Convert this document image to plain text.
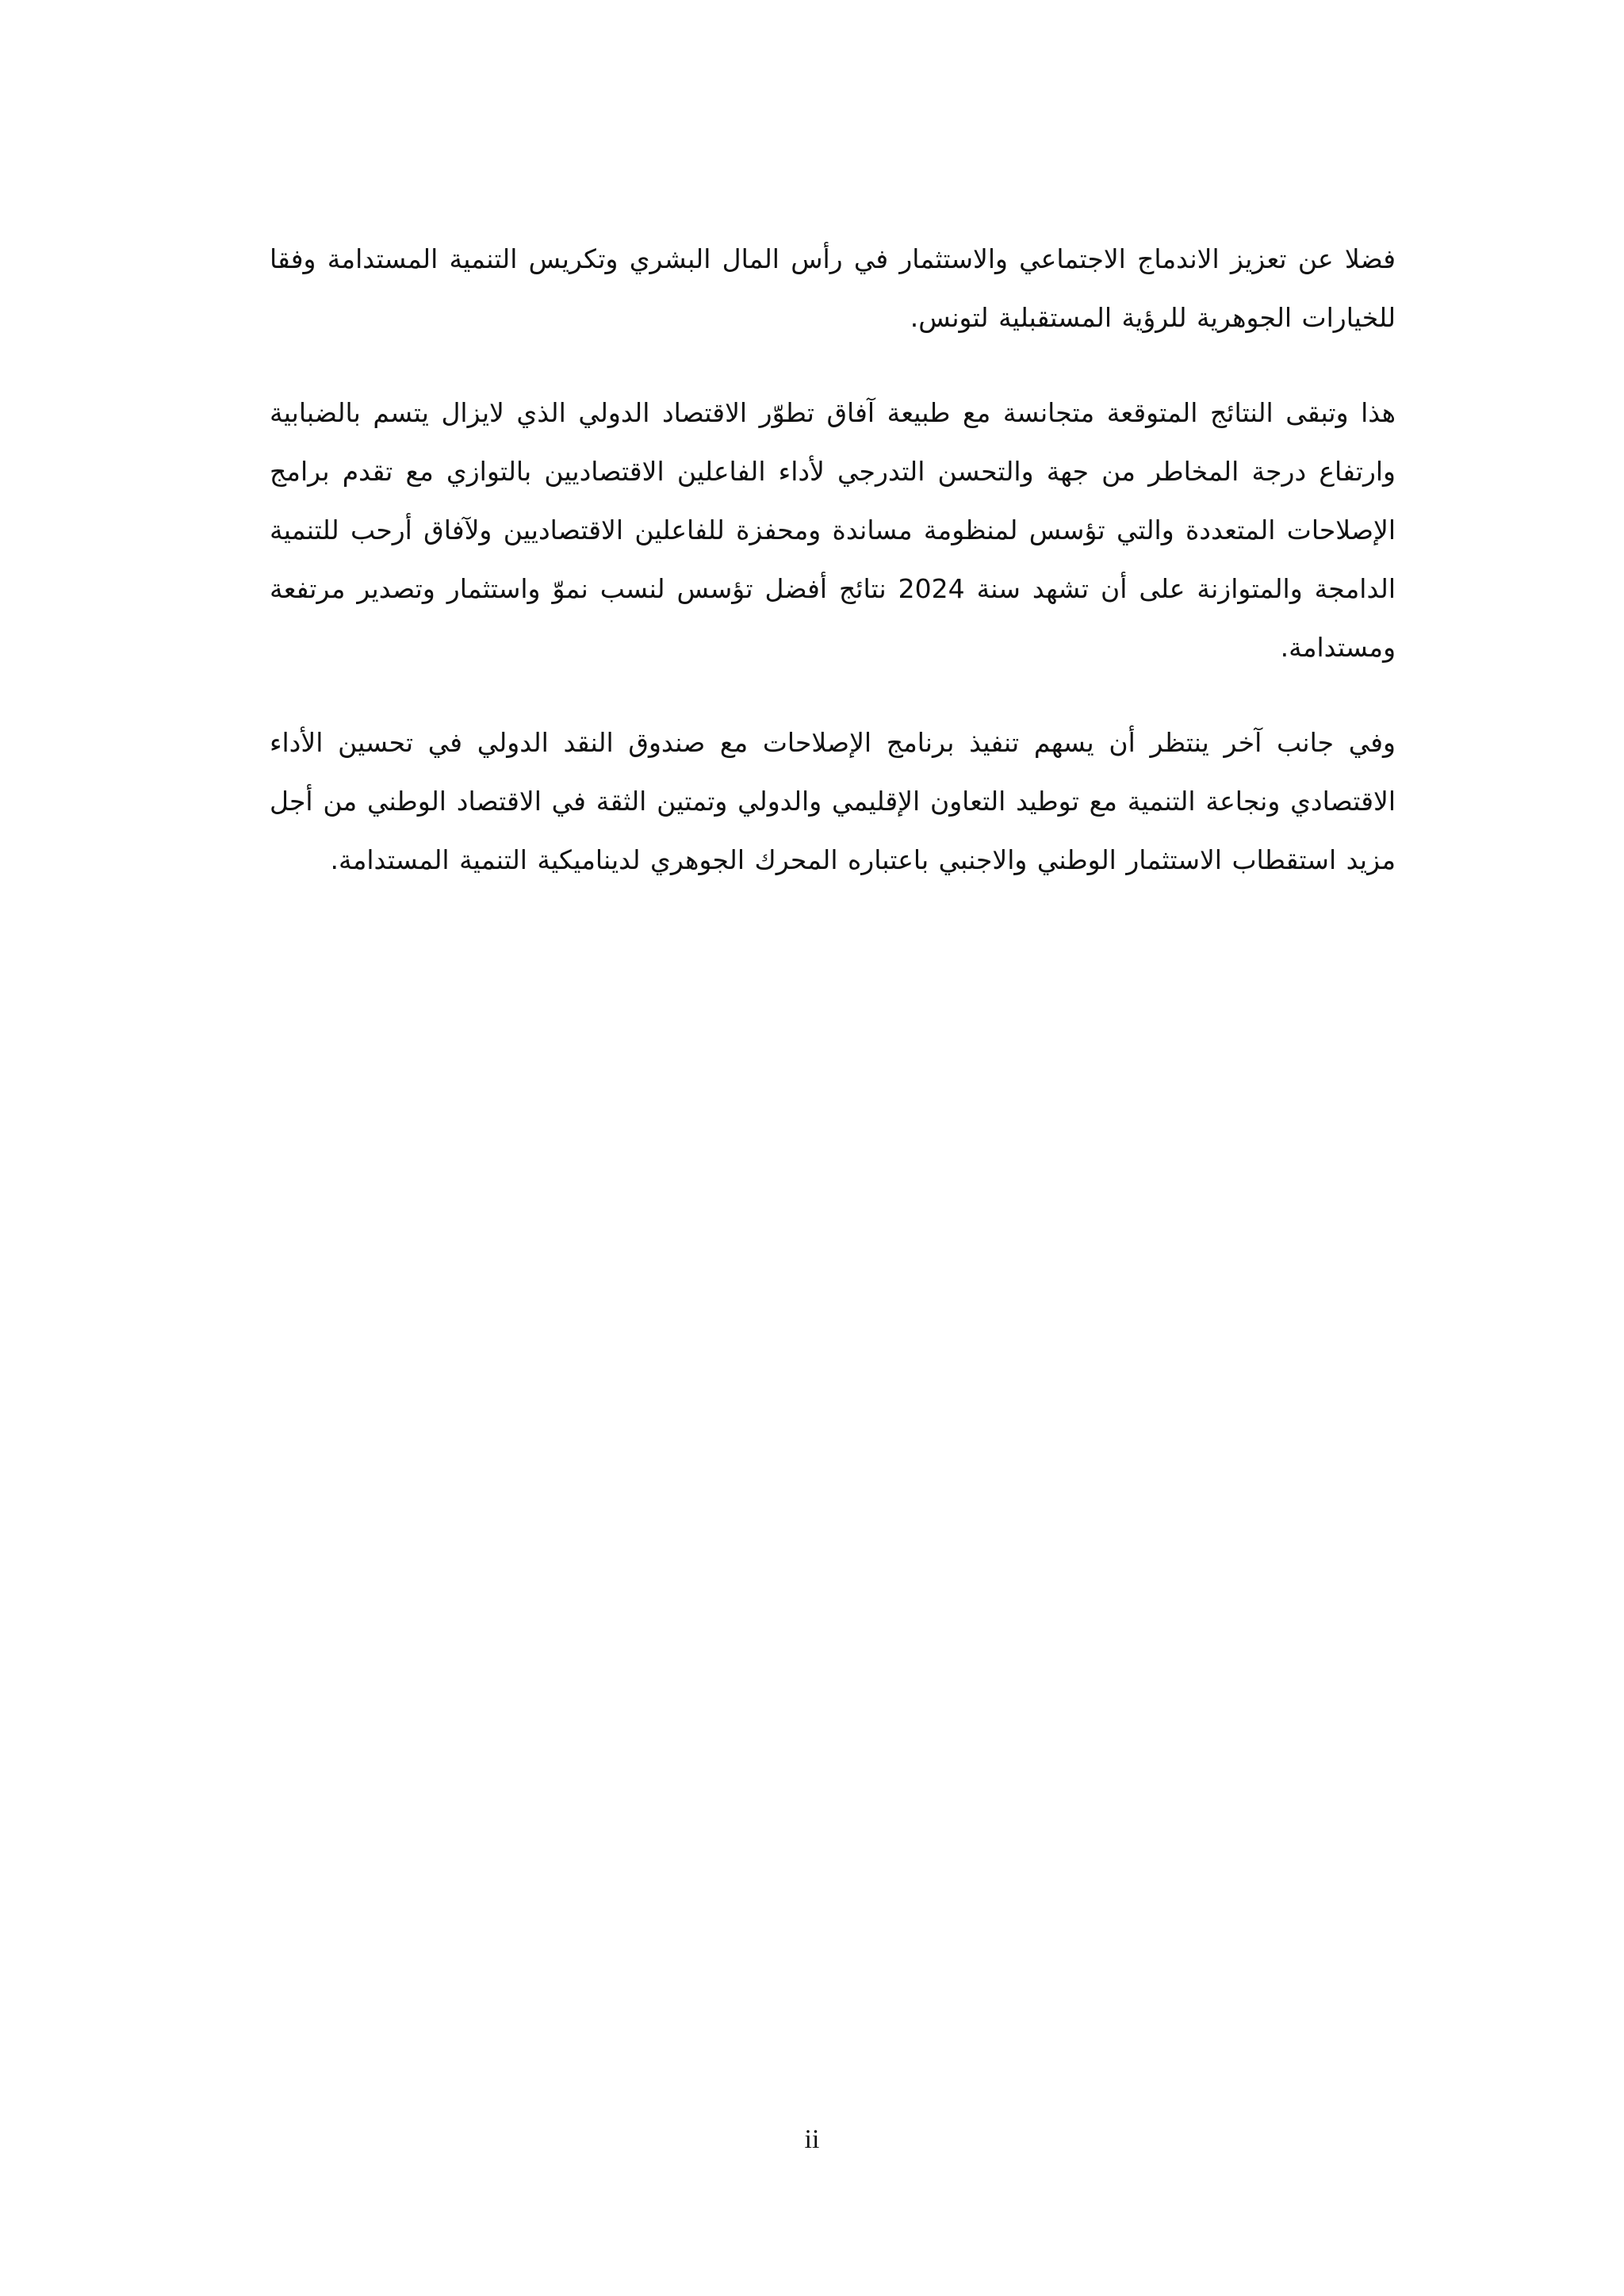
فضلا عن تعزيز الاندماج الاجتماعي والاستثمار في رأس المال البشري وتكريس التنمية المستدامة وفقا للخيارات الجوهرية للرؤية المستقبلية لتونس.

هذا وتبقى النتائج المتوقعة متجانسة مع طبيعة آفاق تطوّر الاقتصاد الدولي الذي لايزال يتسم بالضبابية وارتفاع درجة المخاطر من جهة والتحسن التدرجي لأداء الفاعلين الاقتصاديين بالتوازي مع تقدم برامج الإصلاحات المتعددة والتي تؤسس لمنظومة مساندة ومحفزة للفاعلين الاقتصاديين ولآفاق أرحب للتنمية الدامجة والمتوازنة على أن تشهد سنة 2024 نتائج أفضل تؤسس لنسب نموّ واستثمار وتصدير مرتفعة ومستدامة.

وفي جانب آخر ينتظر أن يسهم تنفيذ برنامج الإصلاحات مع صندوق النقد الدولي في تحسين الأداء الاقتصادي ونجاعة التنمية مع توطيد التعاون الإقليمي والدولي وتمتين الثقة في الاقتصاد الوطني من أجل مزيد استقطاب الاستثمار الوطني والاجنبي باعتباره المحرك الجوهري لديناميكية التنمية المستدامة.

ii
